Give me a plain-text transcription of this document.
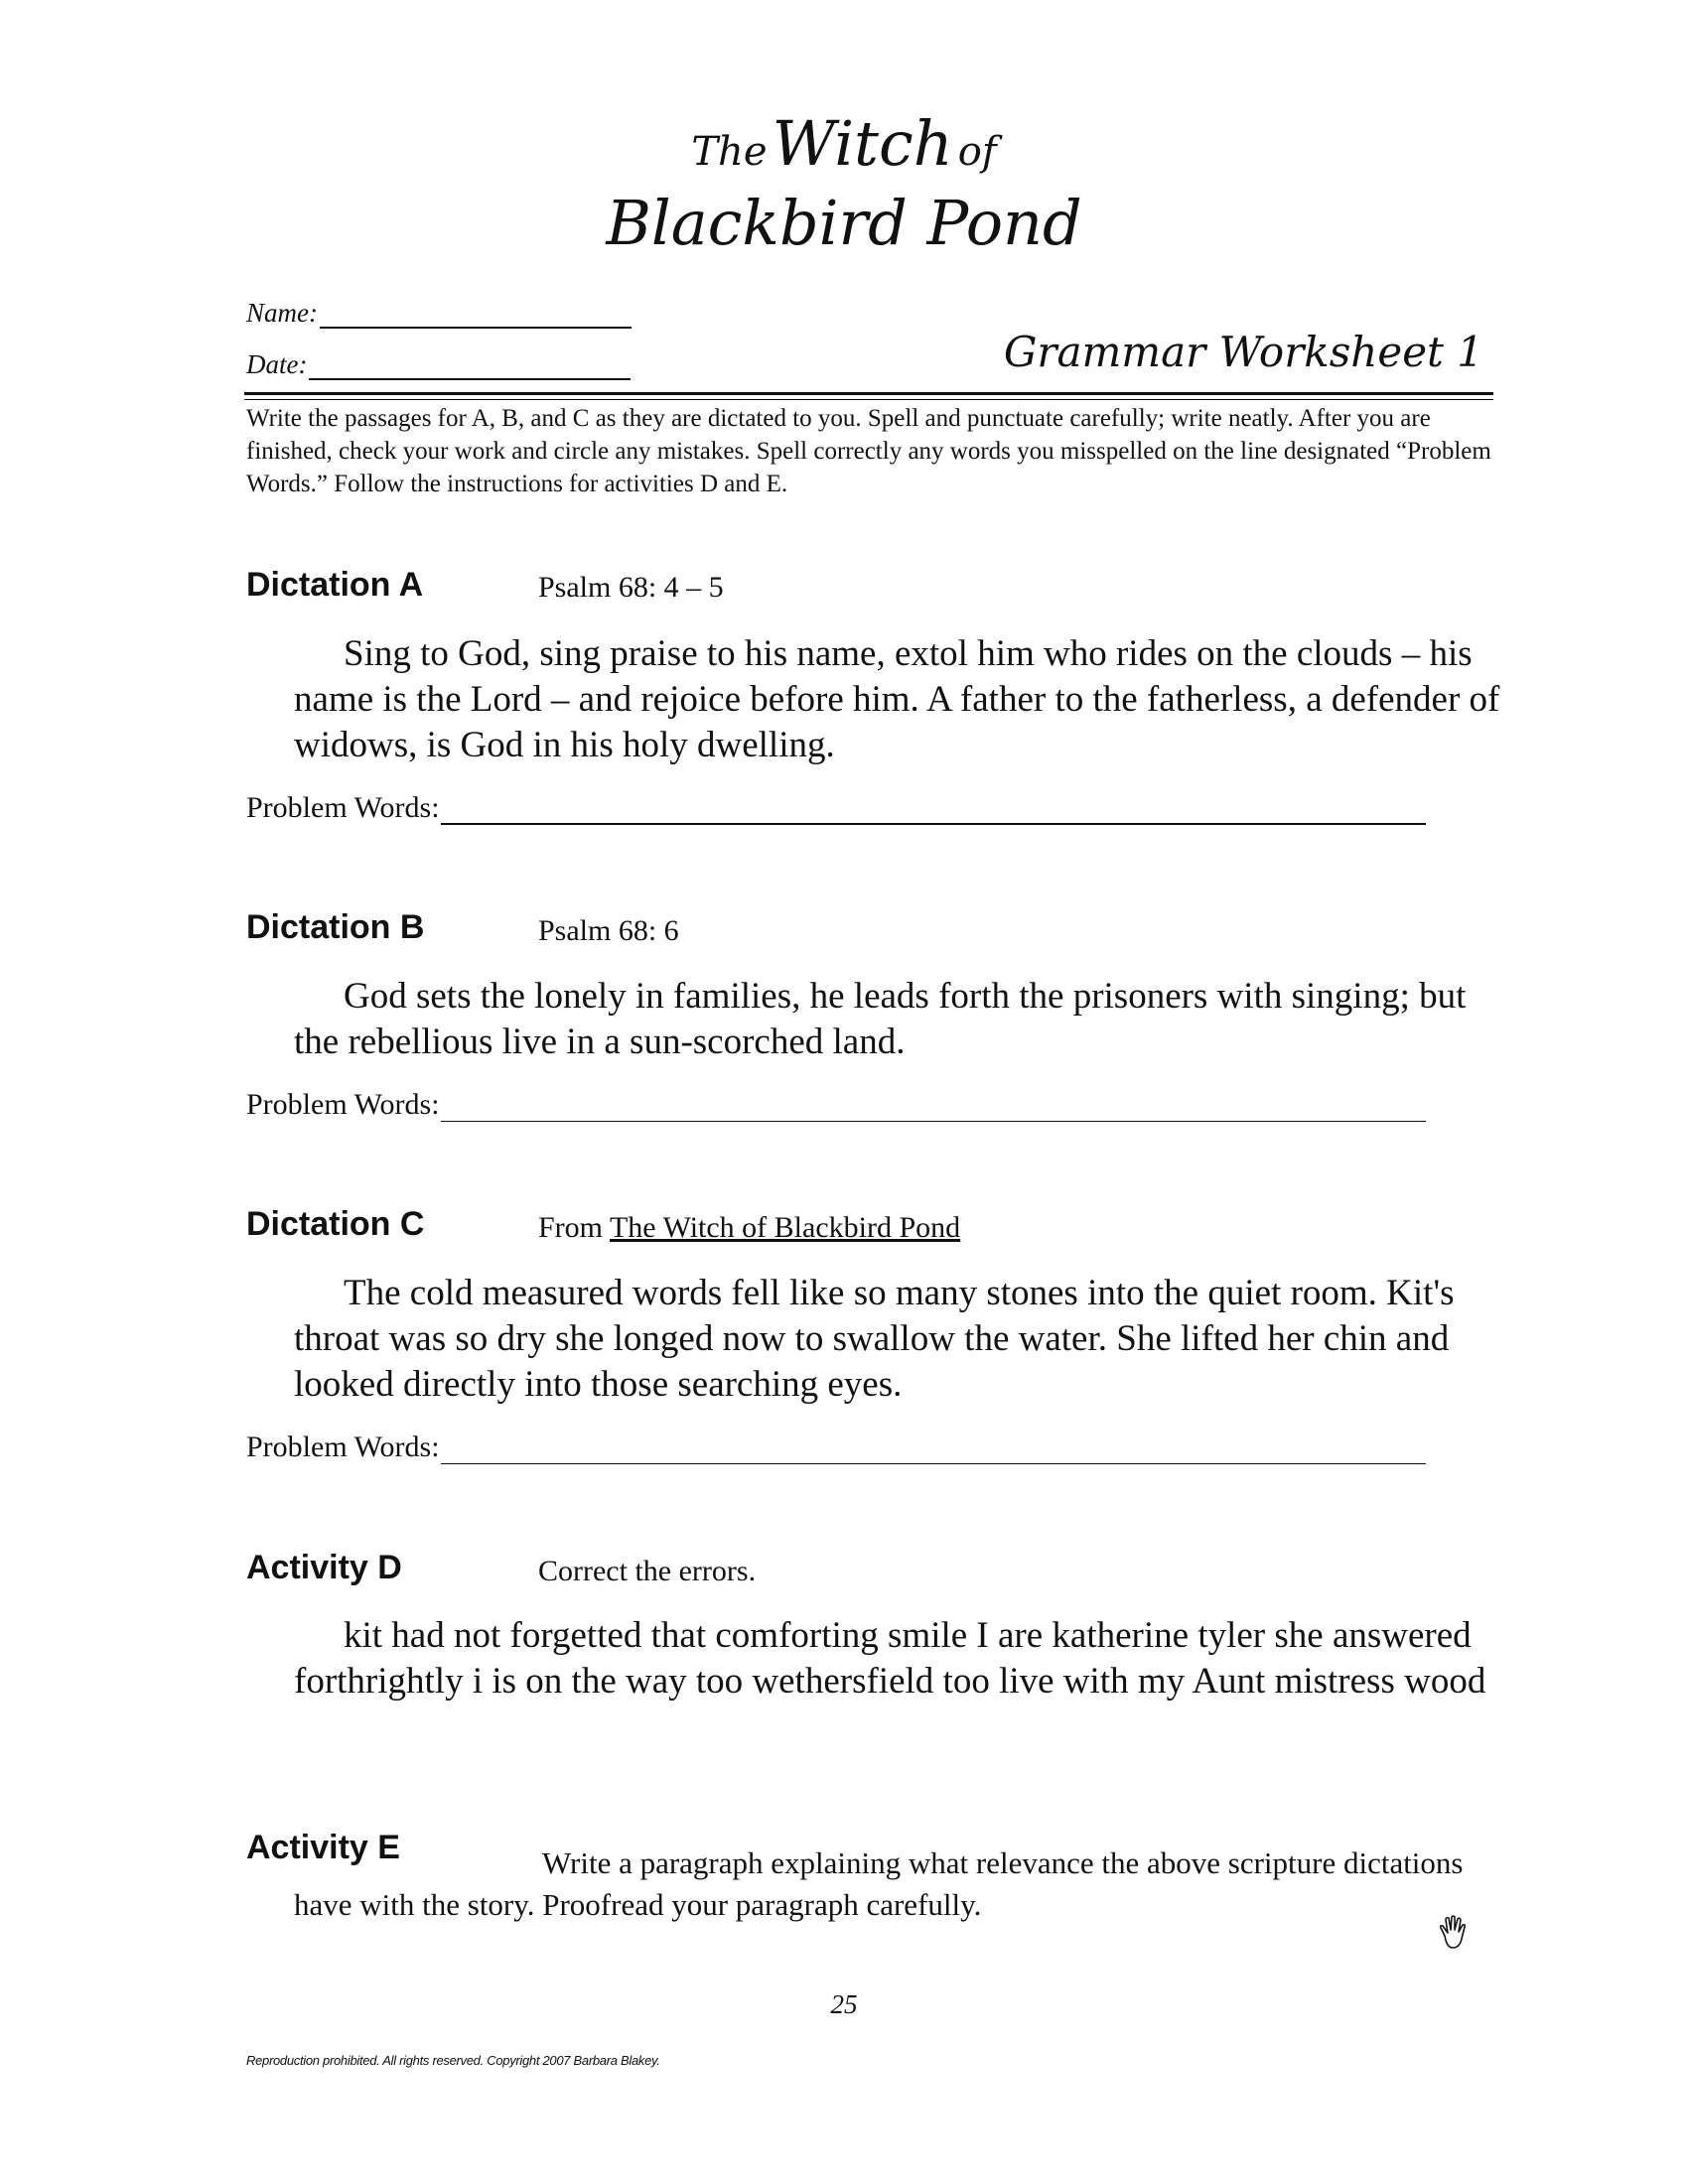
The Witch of
Blackbird Pond
Name:
Date:	Grammar Worksheet 1
Write the passages for A, B, and C as they are dictated to you. Spell and punctuate carefully; write neatly. After you are finished, check your work and circle any mistakes. Spell correctly any words you misspelled on the line designated “Problem Words.” Follow the instructions for activities D and E.
Dictation A	Psalm 68: 4 – 5
Sing to God, sing praise to his name, extol him who rides on the clouds – his name is the Lord – and rejoice before him. A father to the fatherless, a defender of widows, is God in his holy dwelling.
Problem Words:
Dictation B	Psalm 68: 6
God sets the lonely in families, he leads forth the prisoners with singing; but the rebellious live in a sun-scorched land.
Problem Words:
Dictation C	From The Witch of Blackbird Pond
The cold measured words fell like so many stones into the quiet room. Kit's throat was so dry she longed now to swallow the water. She lifted her chin and looked directly into those searching eyes.
Problem Words:
Activity D	Correct the errors.
kit had not forgetted that comforting smile I are katherine tyler she answered forthrightly i is on the way too wethersfield too live with my Aunt mistress wood
Activity E	Write a paragraph explaining what relevance the above scripture dictations have with the story. Proofread your paragraph carefully.
25
Reproduction prohibited. All rights reserved. Copyright 2007 Barbara Blakey.
